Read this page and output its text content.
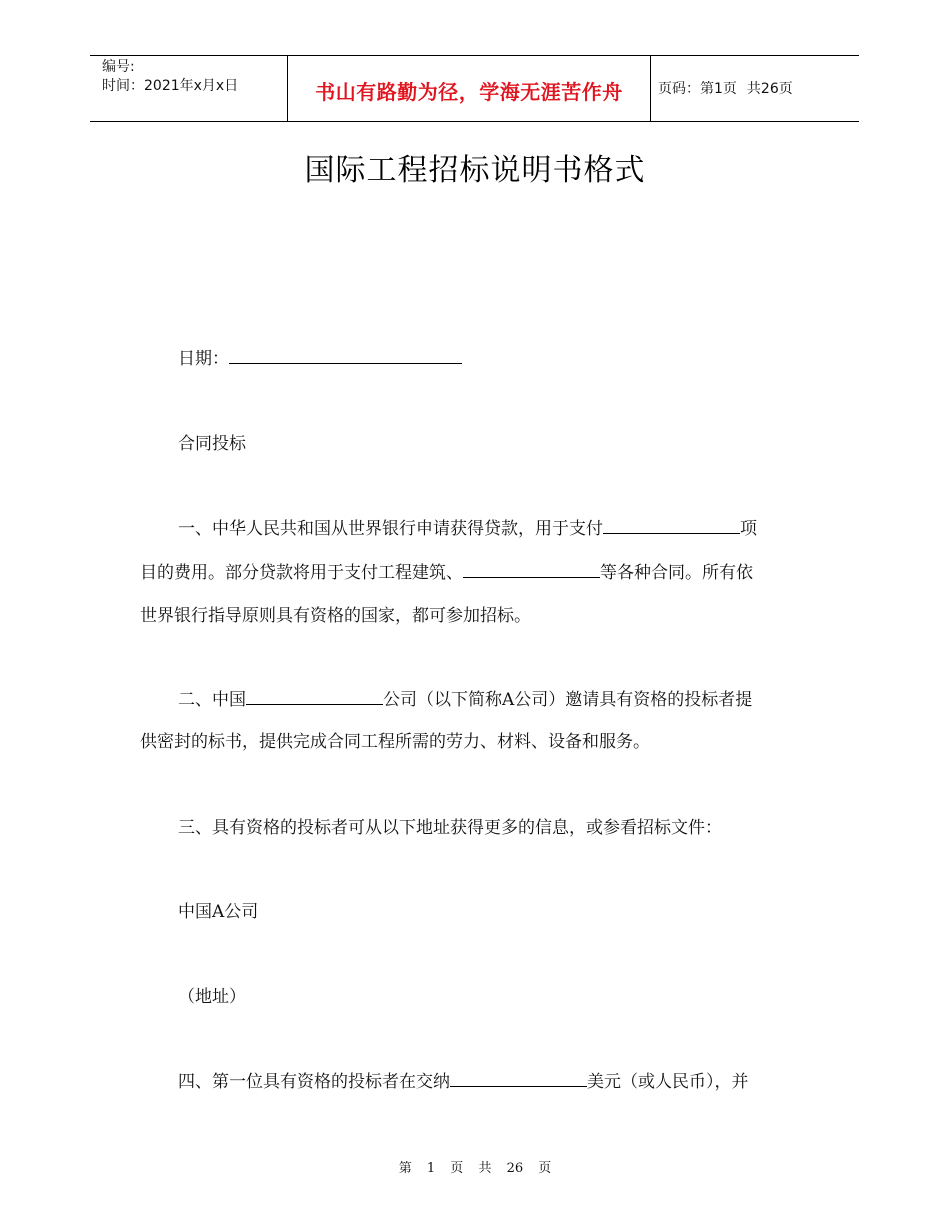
编号:
时间： 2021年x月x日	书山有路勤为径，学海无涯苦作舟	页码：第1页 共26页
国际工程招标说明书格式
日期：
合同投标
一、中华人民共和国从世界银行申请获得贷款，用于支付	项
目的费用。部分贷款将用于支付工程建筑、	等各种合同。所有依
世界银行指导原则具有资格的国家，都可参加招标。
二、中国	公司（以下简称A公司）邀请具有资格的投标者提
供密封的标书，提供完成合同工程所需的劳力、材料、设备和服务。
三、具有资格的投标者可从以下地址获得更多的信息，或参看招标文件：
中国A公司
（地址）
四、第一位具有资格的投标者在交纳	美元（或人民币），并
第 1 页 共 26 页
